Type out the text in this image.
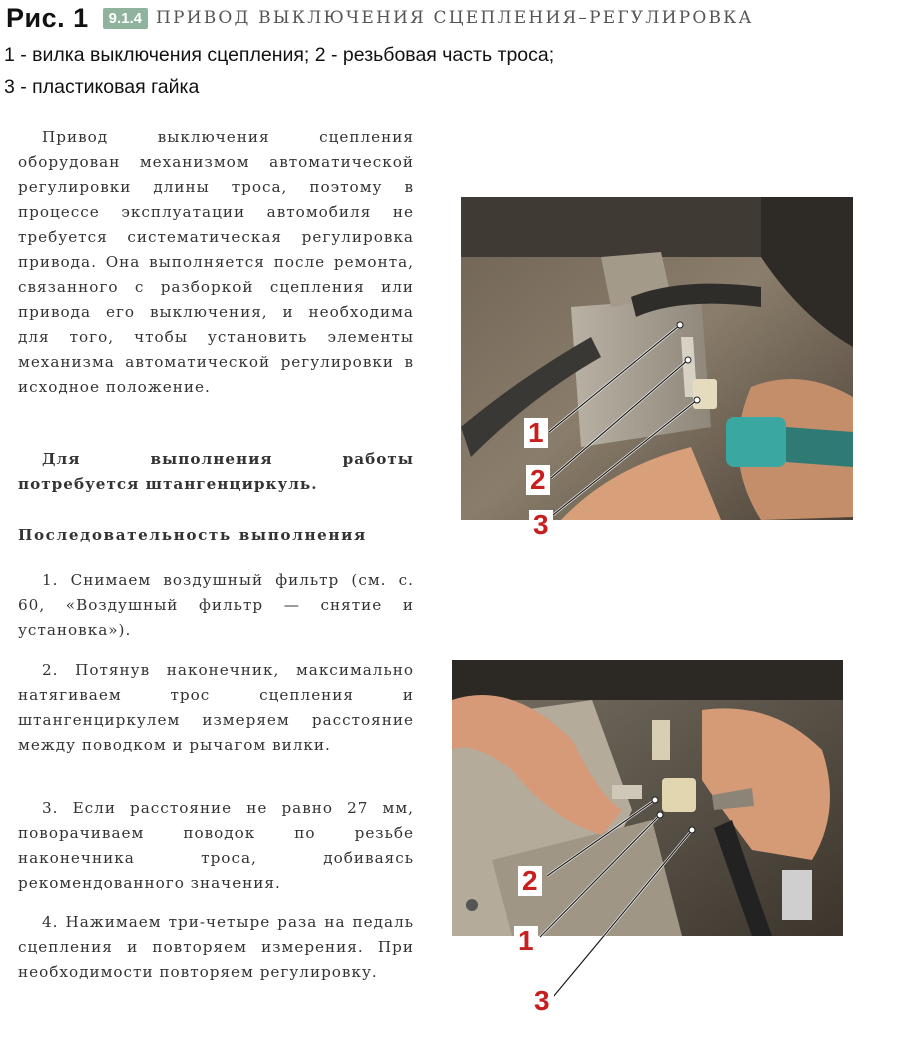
Рис. 1	9.1.4 ПРИВОД ВЫКЛЮЧЕНИЯ СЦЕПЛЕНИЯ–РЕГУЛИРОВКА
1 - вилка выключения сцепления; 2 - резьбовая часть троса;
3 - пластиковая гайка

Привод выключения сцепления оборудован механизмом автоматической регулировки длины троса, поэтому в процессе эксплуатации автомобиля не требуется систематическая регулировка привода. Она выполняется после ремонта, связанного с разборкой сцепления или привода его выключения, и необходима для того, чтобы установить элементы механизма автоматической регулировки в исходное положение.

Для выполнения работы потребуется штангенциркуль.

Последовательность выполнения

1. Снимаем воздушный фильтр (см. с. 60, «Воздушный фильтр — снятие и установка»).

2. Потянув наконечник, максимально натягиваем трос сцепления и штангенциркулем измеряем расстояние между поводком и рычагом вилки.

3. Если расстояние не равно 27 мм, поворачиваем поводок по резьбе наконечника троса, добиваясь рекомендованного значения.

4. Нажимаем три-четыре раза на педаль сцепления и повторяем измерения. При необходимости повторяем регулировку.

1
2
3
2
1
3
